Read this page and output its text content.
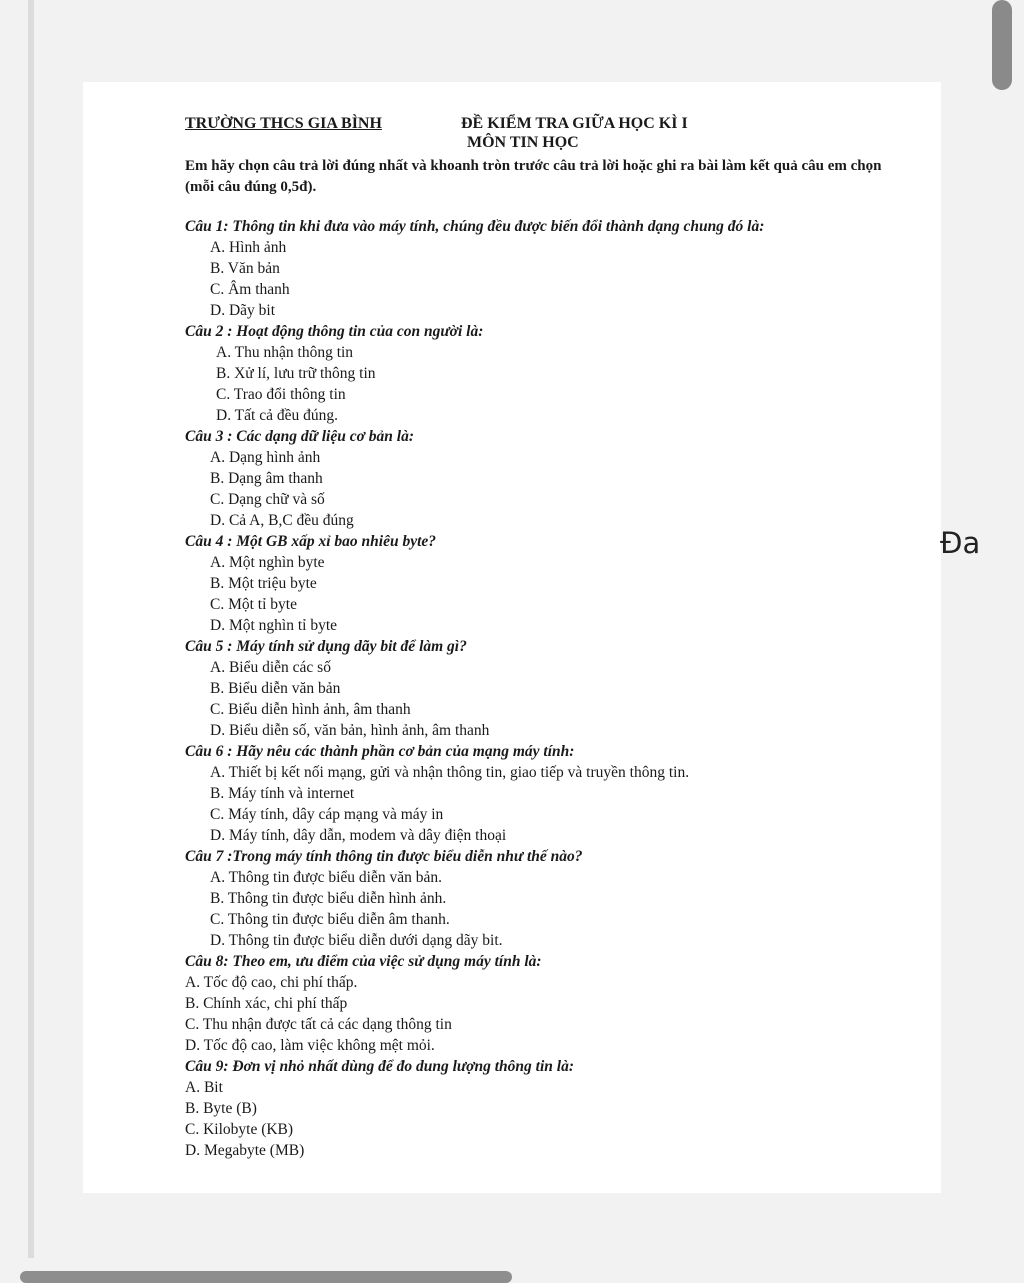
TRƯỜNG THCS GIA BÌNH	ĐỀ KIỂM TRA GIỮA HỌC KÌ I
MÔN TIN HỌC
Em hãy chọn câu trả lời đúng nhất và khoanh tròn trước câu trả lời hoặc ghi ra bài làm kết quả câu em chọn (mỗi câu đúng 0,5đ).
Câu 1: Thông tin khi đưa vào máy tính, chúng đều được biến đổi thành dạng chung đó là:
A. Hình ảnh
B. Văn bản
C. Âm thanh
D. Dãy bit
Câu 2 : Hoạt động thông tin của con người là:
A. Thu nhận thông tin
B. Xử lí, lưu trữ thông tin
C. Trao đổi thông tin
D. Tất cả đều đúng.
Câu 3 : Các dạng dữ liệu cơ bản là:
A. Dạng hình ảnh
B. Dạng âm thanh
C. Dạng chữ và số
D. Cả A, B,C đều đúng
Câu 4 : Một GB xấp xỉ bao nhiêu byte?
A. Một nghìn byte
B. Một triệu byte
C. Một tỉ byte
D. Một nghìn tỉ byte
Câu 5 : Máy tính sử dụng dãy bit để làm gì?
A. Biểu diễn các số
B. Biểu diễn văn bản
C. Biểu diễn hình ảnh, âm thanh
D. Biểu diễn số, văn bản, hình ảnh, âm thanh
Câu 6 : Hãy nêu các thành phần cơ bản của mạng máy tính:
A. Thiết bị kết nối mạng, gửi và nhận thông tin, giao tiếp và truyền thông tin.
B. Máy tính và internet
C. Máy tính, dây cáp mạng và máy in
D. Máy tính, dây dẫn, modem và dây điện thoại
Câu 7 :Trong máy tính thông tin được biểu diễn như thế nào?
A. Thông tin được biểu diễn văn bản.
B. Thông tin được biểu diễn hình ảnh.
C. Thông tin được biểu diễn âm thanh.
D. Thông tin được biểu diễn dưới dạng dãy bit.
Câu 8: Theo em, ưu điểm của việc sử dụng máy tính là:
A. Tốc độ cao, chi phí thấp.
B. Chính xác, chi phí thấp
C. Thu nhận được tất cả các dạng thông tin
D. Tốc độ cao, làm việc không mệt mỏi.
Câu 9: Đơn vị nhỏ nhất dùng để đo dung lượng thông tin là:
A. Bit
B. Byte (B)
C. Kilobyte (KB)
D. Megabyte (MB)
Đa
